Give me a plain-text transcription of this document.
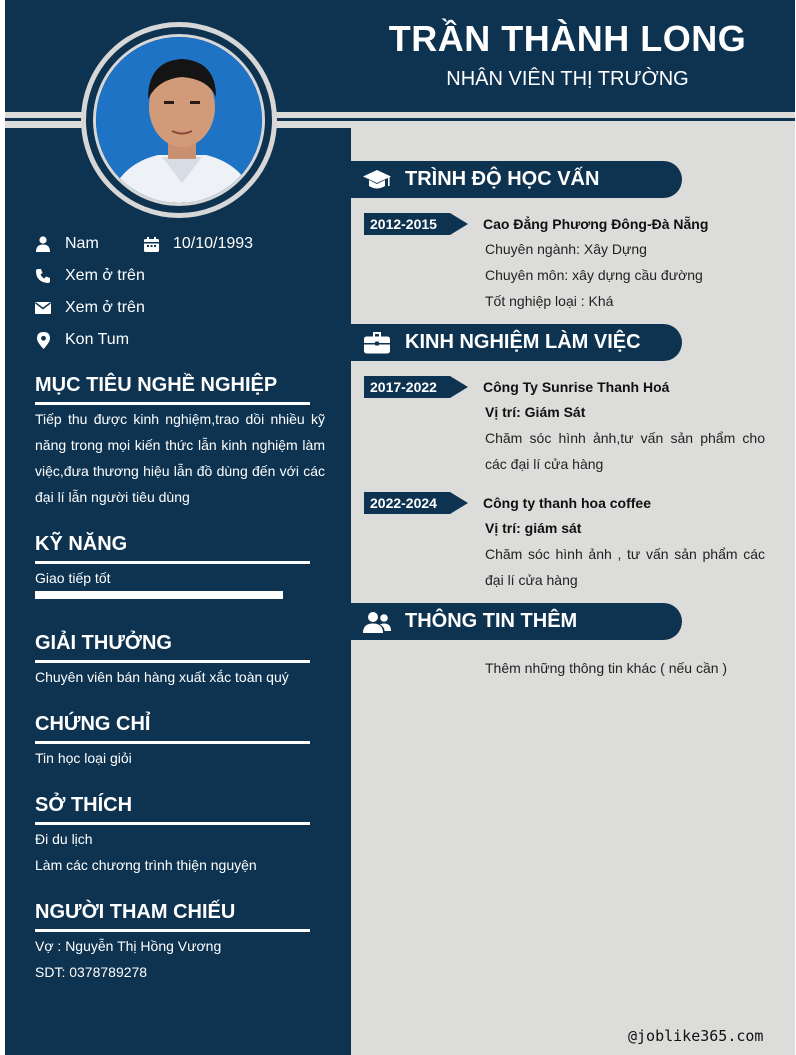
TRẦN THÀNH LONG
NHÂN VIÊN THỊ TRƯỜNG
Nam	10/10/1993
Xem ở trên
Xem ở trên
Kon Tum
MỤC TIÊU NGHỀ NGHIỆP
Tiếp thu được kinh nghiệm,trao dồi nhiều kỹ năng trong mọi kiến thức lẫn kinh nghiệm làm việc,đưa thương hiệu lẫn đồ dùng đến với các đại lí lẫn người tiêu dùng
KỸ NĂNG
Giao tiếp tốt
GIẢI THƯỞNG
Chuyên viên bán hàng xuất xắc toàn quý
CHỨNG CHỈ
Tin học loại giỏi
SỞ THÍCH
Đi du lịch
Làm các chương trình thiện nguyện
NGƯỜI THAM CHIẾU
Vợ : Nguyễn Thị Hồng Vương
SDT: 0378789278
TRÌNH ĐỘ HỌC VẤN
2012-2015	Cao Đẳng Phương Đông-Đà Nẵng
Chuyên ngành: Xây Dựng
Chuyên môn: xây dựng cầu đường
Tốt nghiệp loại : Khá
KINH NGHIỆM LÀM VIỆC
2017-2022	Công Ty Sunrise Thanh Hoá
Vị trí: Giám Sát
Chăm sóc hình ảnh,tư vấn sản phẩm cho các đại lí cửa hàng
2022-2024	Công ty thanh hoa coffee
Vị trí: giám sát
Chăm sóc hình ảnh , tư vấn sản phẩm các đại lí cửa hàng
THÔNG TIN THÊM
Thêm những thông tin khác ( nếu cần )
@joblike365.com
